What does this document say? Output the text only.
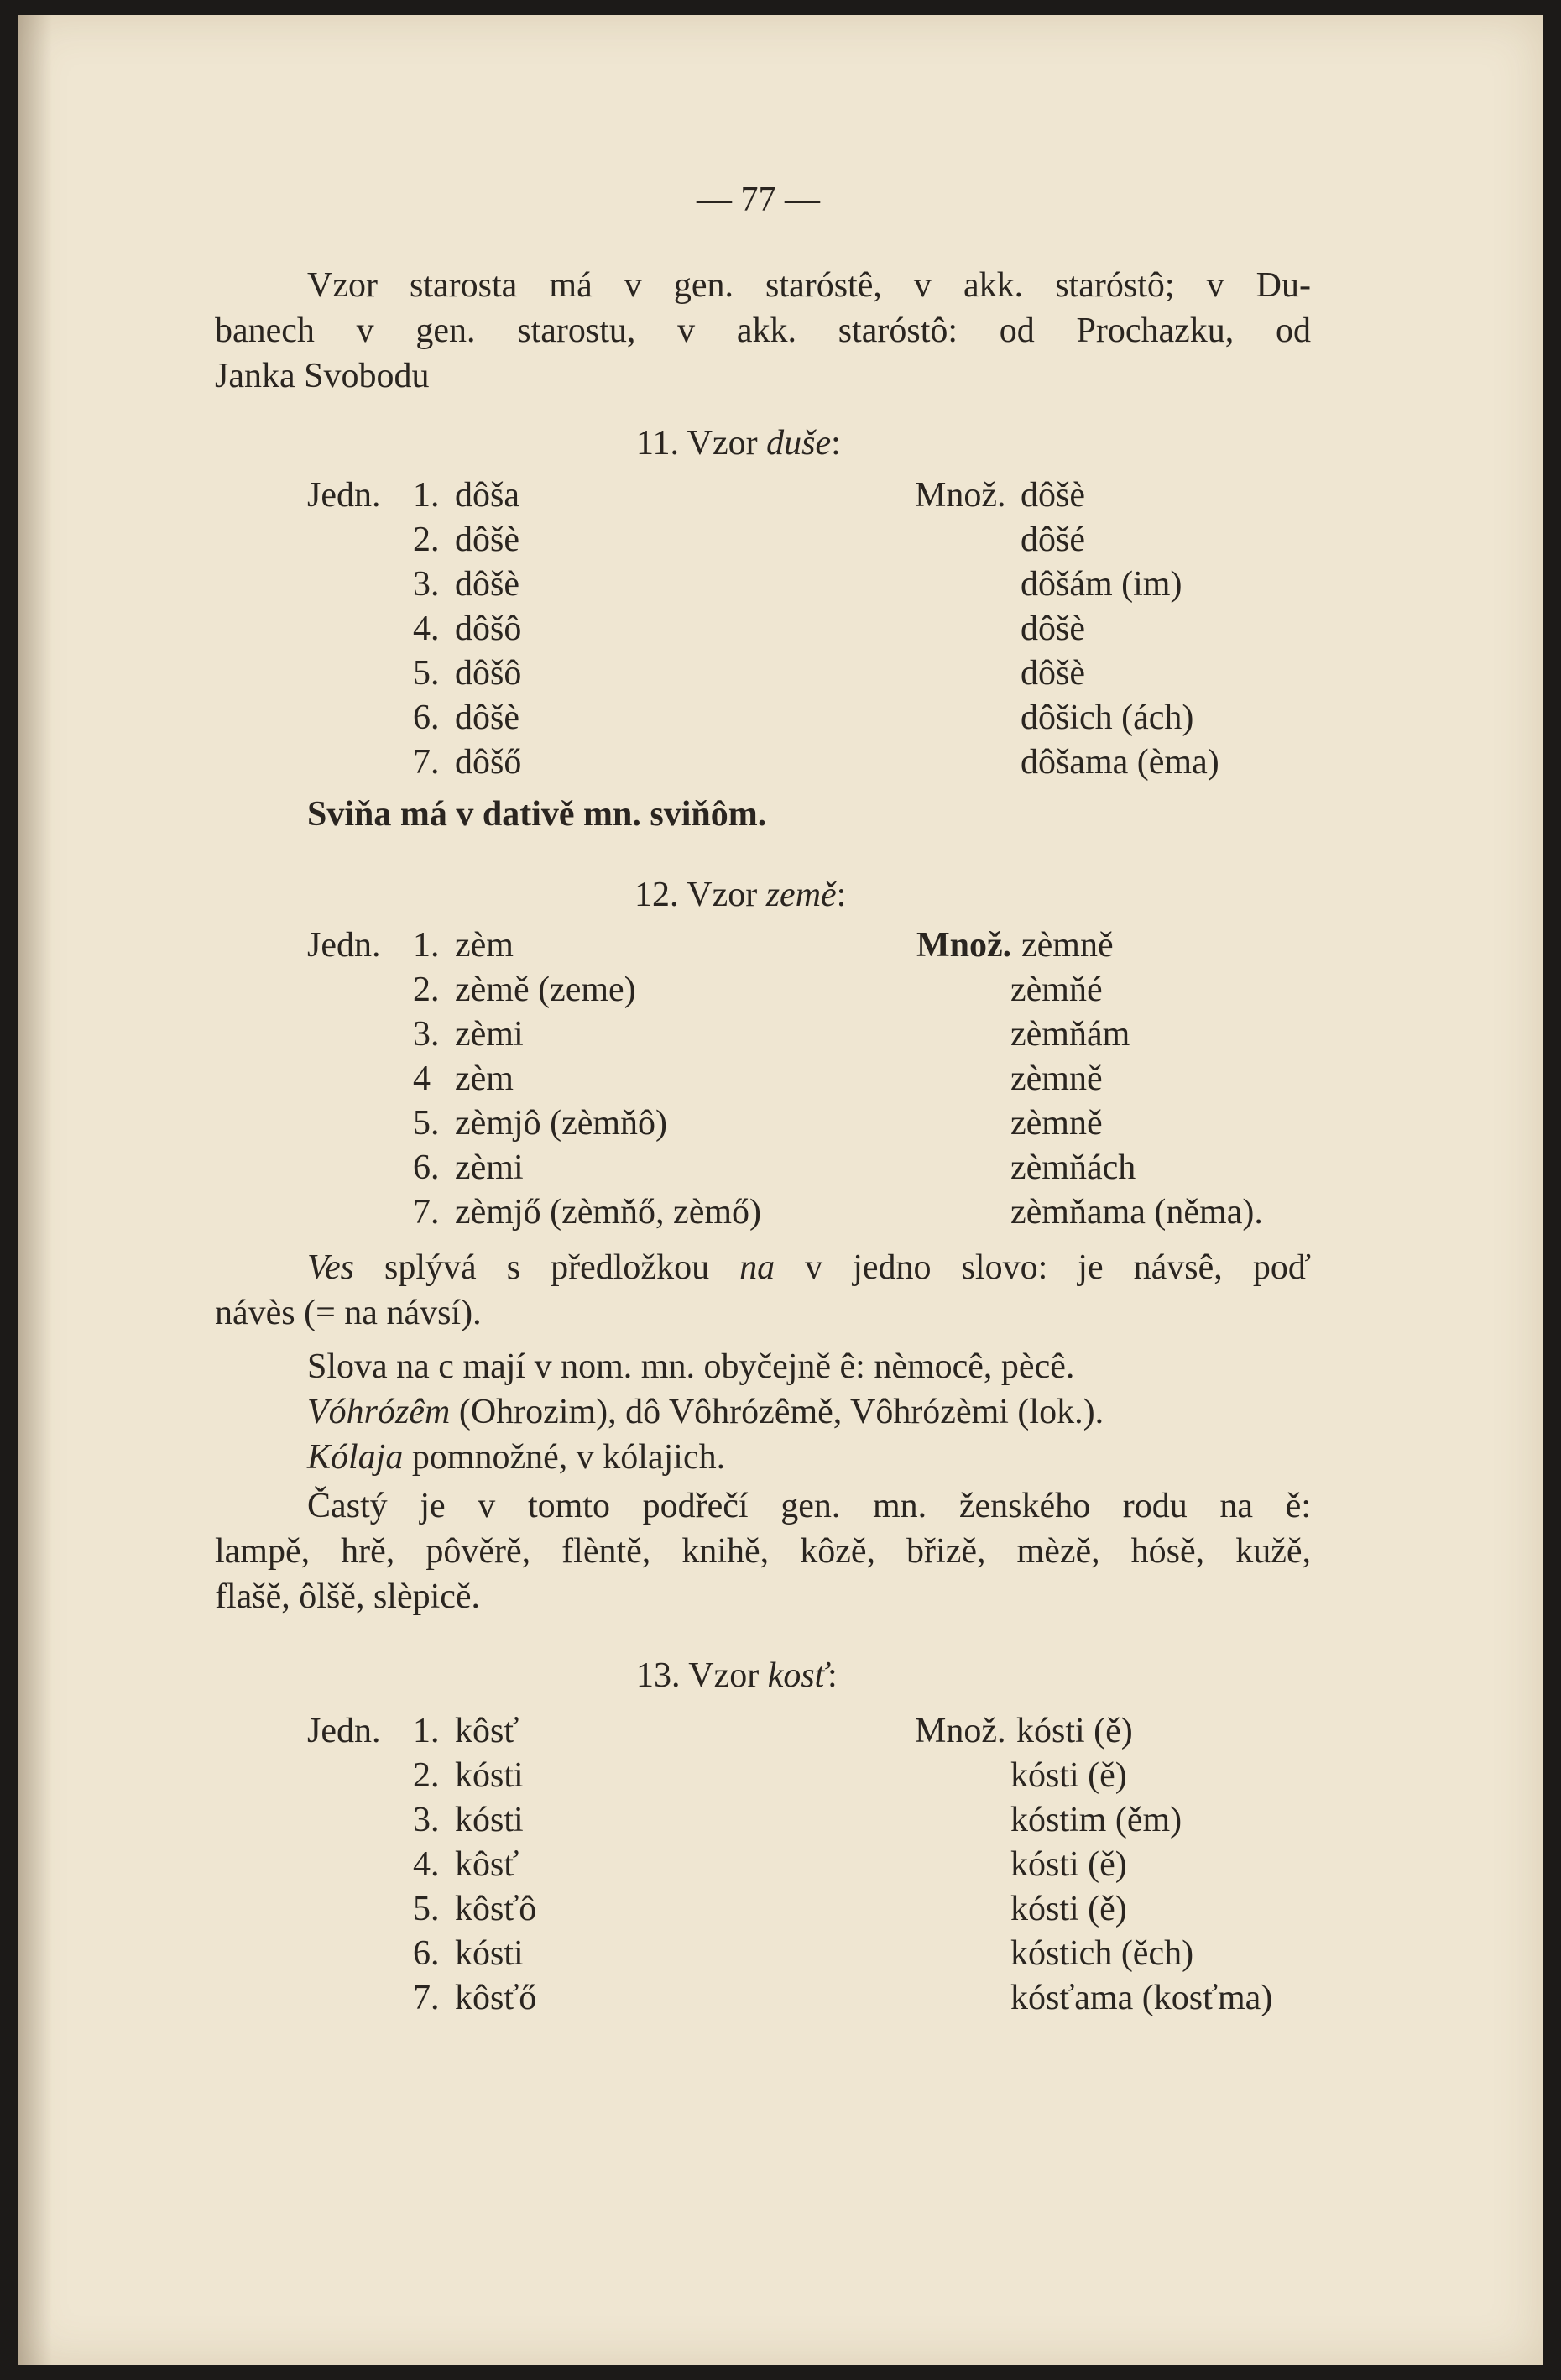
— 77 —
Vzor starosta má v gen. staróstê, v akk. staróstô; v Du-
banech v gen. starostu, v akk. staróstô: od Prochazku, od
Janka Svobodu
11. Vzor duše:
Jedn.	Množ.
1. dôša	dôšè
2. dôšè	dôšé
3. dôšè	dôšám (im)
4. dôšô	dôšè
5. dôšô	dôšè
6. dôšè	dôšich (ách)
7. dôšő	dôšama (èma)
Sviňa má v dativě mn. sviňôm.
12. Vzor země:
Jedn.	Množ.
1. zèm	zèmně
2. zèmě (zeme)	zèmňé
3. zèmi	zèmňám
4 zèm	zèmně
5. zèmjô (zèmňô)	zèmně
6. zèmi	zèmňách
7. zèmjő (zèmňő, zèmő)	zèmňama (něma).
Ves splývá s předložkou na v jedno slovo: je návsê, poď
návès (= na návsí).
Slova na c mají v nom. mn. obyčejně ê: nèmocê, pècê.
Vóhrózêm (Ohrozim), dô Vôhrózêmě, Vôhrózèmi (lok.).
Kólaja pomnožné, v kólajich.
Častý je v tomto podřečí gen. mn. ženského rodu na ě:
lampě, hrě, pôvěrě, flèntě, knihě, kôzě, břizě, mèzě, hósě, kužě,
flašě, ôlšě, slèpicě.
13. Vzor kosť:
Jedn.	Množ.
1. kôsť	kósti (ě)
2. kósti	kósti (ě)
3. kósti	kóstim (ěm)
4. kôsť	kósti (ě)
5. kôsťô	kósti (ě)
6. kósti	kóstich (ěch)
7. kôsťő	kósťama (kosťma)
